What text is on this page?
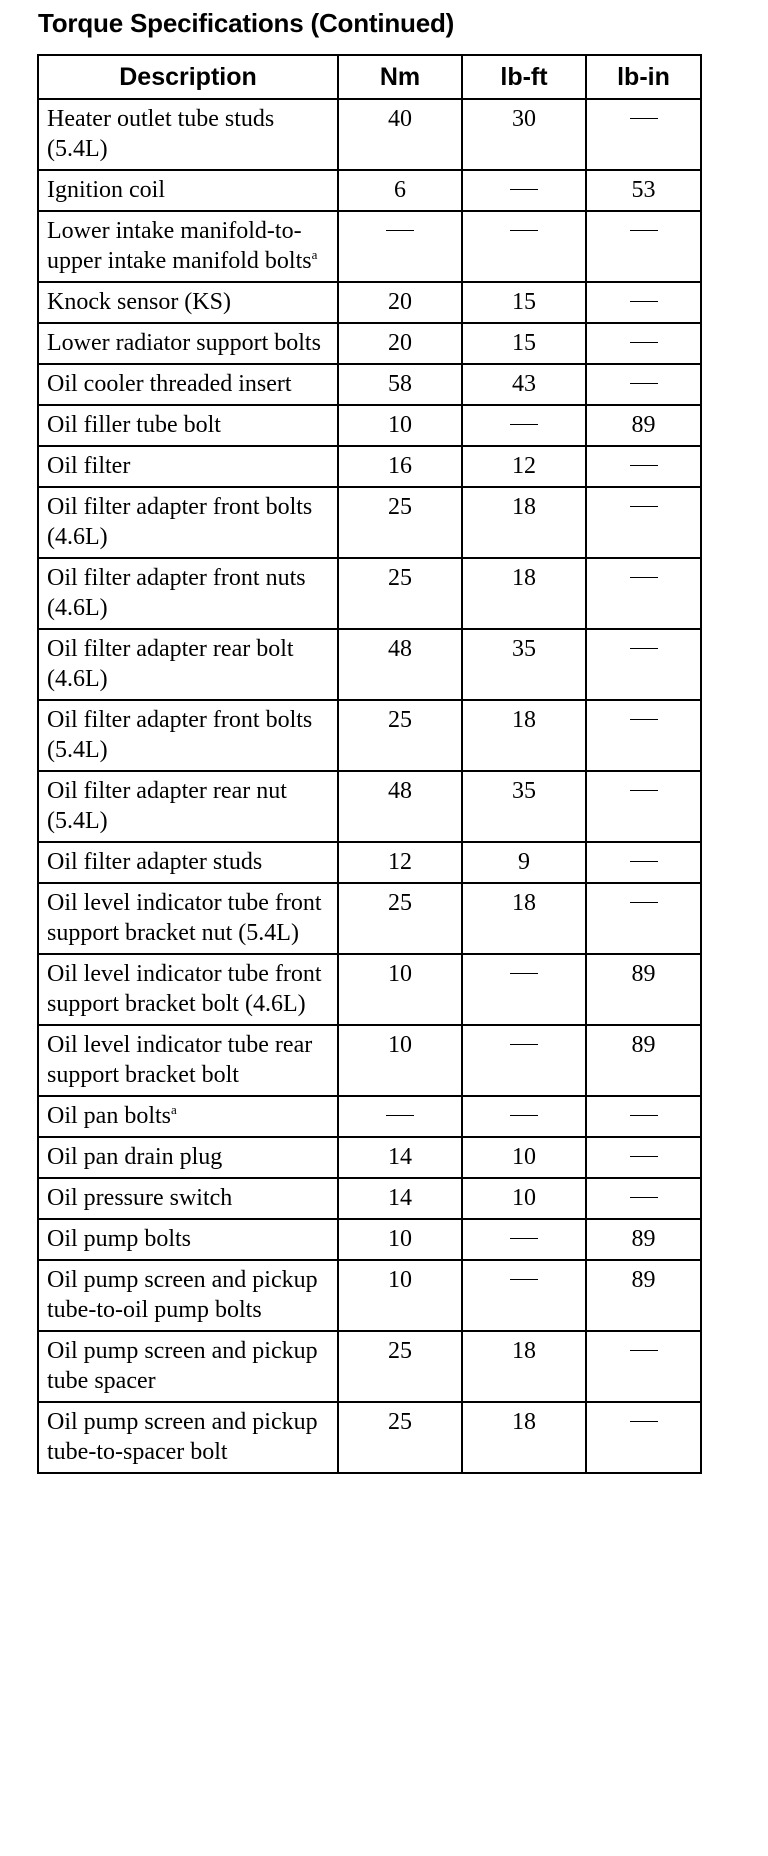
Torque Specifications (Continued)
Description	Nm	lb-ft	lb-in
Heater outlet tube studs (5.4L)	40	30	
Ignition coil	6		53
Lower intake manifold-to-upper intake manifold bolts$^a$			
Knock sensor (KS)	20	15	
Lower radiator support bolts	20	15	
Oil cooler threaded insert	58	43	
Oil filler tube bolt	10		89
Oil filter	16	12	
Oil filter adapter front bolts (4.6L)	25	18	
Oil filter adapter front nuts (4.6L)	25	18	
Oil filter adapter rear bolt (4.6L)	48	35	
Oil filter adapter front bolts (5.4L)	25	18	
Oil filter adapter rear nut (5.4L)	48	35	
Oil filter adapter studs	12	9	
Oil level indicator tube front support bracket nut (5.4L)	25	18	
Oil level indicator tube front support bracket bolt (4.6L)	10		89
Oil level indicator tube rear support bracket bolt	10		89
Oil pan bolts$^a$			
Oil pan drain plug	14	10	
Oil pressure switch	14	10	
Oil pump bolts	10		89
Oil pump screen and pickup tube-to-oil pump bolts	10		89
Oil pump screen and pickup tube spacer	25	18	
Oil pump screen and pickup tube-to-spacer bolt	25	18	
